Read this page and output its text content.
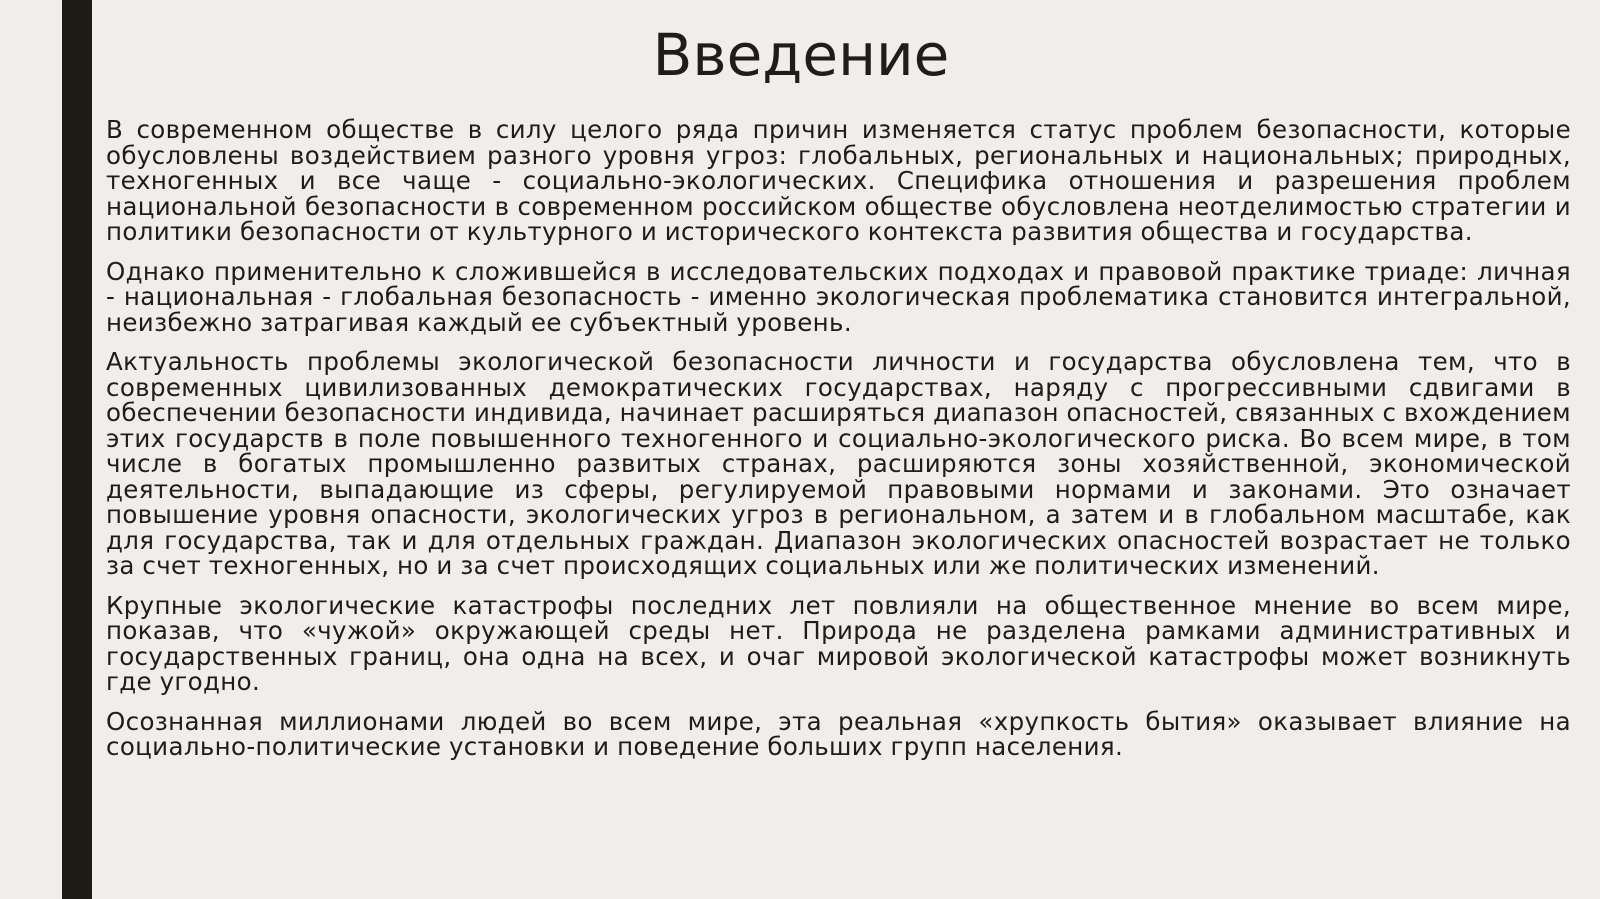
Введение

В современном обществе в силу целого ряда причин изменяется статус проблем безопасности, которые обусловлены воздействием разного уровня угроз: глобальных, региональных и национальных; природных, техногенных и все чаще - социально-экологических. Специфика отношения и разрешения проблем национальной безопасности в современном российском обществе обусловлена неотделимостью стратегии и политики безопасности от культурного и исторического контекста развития общества и государства.

Однако применительно к сложившейся в исследовательских подходах и правовой практике триаде: личная - национальная - глобальная безопасность - именно экологическая проблематика становится интегральной, неизбежно затрагивая каждый ее субъектный уровень.

Актуальность проблемы экологической безопасности личности и государства обусловлена тем, что в современных цивилизованных демократических государствах, наряду с прогрессивными сдвигами в обеспечении безопасности индивида, начинает расширяться диапазон опасностей, связанных с вхождением этих государств в поле повышенного техногенного и социально-экологического риска. Во всем мире, в том числе в богатых промышленно развитых странах, расширяются зоны хозяйственной, экономической деятельности, выпадающие из сферы, регулируемой правовыми нормами и законами. Это означает повышение уровня опасности, экологических угроз в региональном, а затем и в глобальном масштабе, как для государства, так и для отдельных граждан. Диапазон экологических опасностей возрастает не только за счет техногенных, но и за счет происходящих социальных или же политических изменений.

Крупные экологические катастрофы последних лет повлияли на общественное мнение во всем мире, показав, что «чужой» окружающей среды нет. Природа не разделена рамками административных и государственных границ, она одна на всех, и очаг мировой экологической катастрофы может возникнуть где угодно.

Осознанная миллионами людей во всем мире, эта реальная «хрупкость бытия» оказывает влияние на социально-политические установки и поведение больших групп населения.
